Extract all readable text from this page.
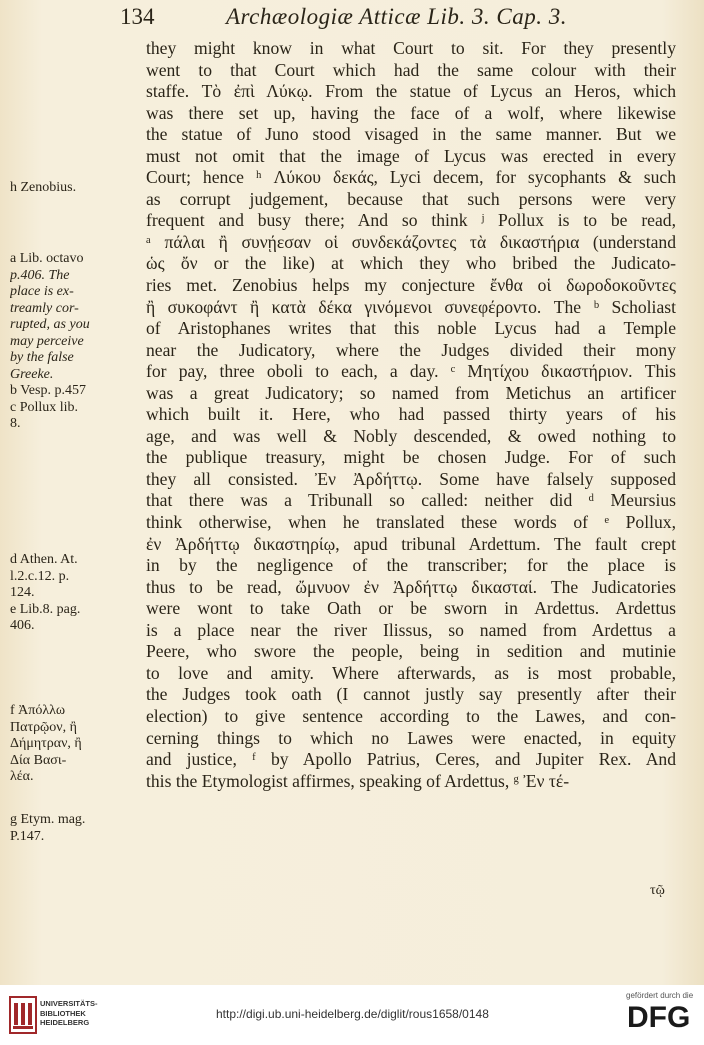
134	Archæologiæ Atticæ Lib. 3. Cap. 3.
they might know in what Court to sit. For they presently
went to that Court which had the same colour with their
staffe. Τὸ ἐπὶ Λύκῳ. From the statue of Lycus an Heros, which
was there set up, having the face of a wolf, where likewise
the statue of Juno stood visaged in the same manner. But we
must not omit that the image of Lycus was erected in every
Court; hence ʰ Λύκου δεκάς, Lyci decem, for sycophants & such
as corrupt judgement, because that such persons were very
frequent and busy there; And so think ʲ Pollux is to be read,
ᵃ πάλαι ἢ συνῄεσαν οἱ συνδεκάζοντες τὰ δικαστήρια (understand
ὡς ὄν or the like) at which they who bribed the Judicato-
ries met. Zenobius helps my conjecture ἔνθα οἱ δωροδοκοῦντες
ἢ συκοφάντ ἢ κατὰ δέκα γινόμενοι συνεφέροντο. The ᵇ Scholiast
of Aristophanes writes that this noble Lycus had a Temple
near the Judicatory, where the Judges divided their mony
for pay, three oboli to each, a day. ᶜ Μητίχου δικαστήριον. This
was a great Judicatory; so named from Metichus an artificer
which built it. Here, who had passed thirty years of his
age, and was well & Nobly descended, & owed nothing to
the publique treasury, might be chosen Judge. For of such
they all consisted. Ἐν Ἀρδήττῳ. Some have falsely supposed
that there was a Tribunall so called: neither did ᵈ Meursius
think otherwise, when he translated these words of ᵉ Pollux,
ἐν Ἀρδήττῳ δικαστηρίῳ, apud tribunal Ardettum. The fault crept
in by the negligence of the transcriber; for the place is
thus to be read, ὤμνυον ἐν Ἀρδήττῳ δικασταί. The Judicatories
were wont to take Oath or be sworn in Ardettus. Ardettus
is a place near the river Ilissus, so named from Ardettus a
Peere, who swore the people, being in sedition and mutinie
to love and amity. Where afterwards, as is most probable,
the Judges took oath (I cannot justly say presently after their
election) to give sentence according to the Lawes, and con-
cerning things to which no Lawes were enacted, in equity
and justice, ᶠ by Apollo Patrius, Ceres, and Jupiter Rex. And
this the Etymologist affirmes, speaking of Ardettus, ᵍ Ἐν τέ-
h Zenobius.
a Lib. octavo
p.406. The
place is ex-
treamly cor-
rupted, as you
may perceive
by the false
Greeke.
b Vesp. p.457
c Pollux lib.
8.
d Athen. At.
l.2.c.12. p.
124.
e Lib.8. pag.
406.
f Ἀπόλλω
Πατρῷον, ἢ
Δήμητραν, ἢ
Δία Βασι-
λέα.
g Etym. mag.
P.147.
τῷ
UNIVERSITÄTS-
BIBLIOTHEK
HEIDELBERG
http://digi.ub.uni-heidelberg.de/diglit/rous1658/0148
gefördert durch die
DFG
